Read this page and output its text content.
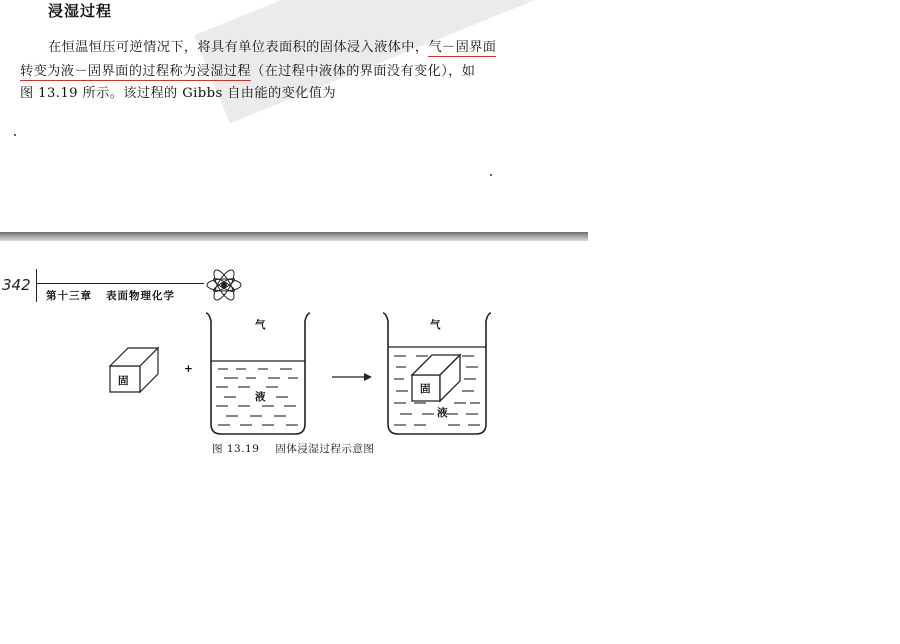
浸湿过程
在恒温恒压可逆情况下，将具有单位表面积的固体浸入液体中，气－固界面
转变为液－固界面的过程称为浸湿过程（在过程中液体的界面没有变化），如
图 13.19 所示。该过程的 Gibbs 自由能的变化值为
342
第十三章 表面物理化学
固
+
气
液
固
气
液
图 13.19 固体浸湿过程示意图
